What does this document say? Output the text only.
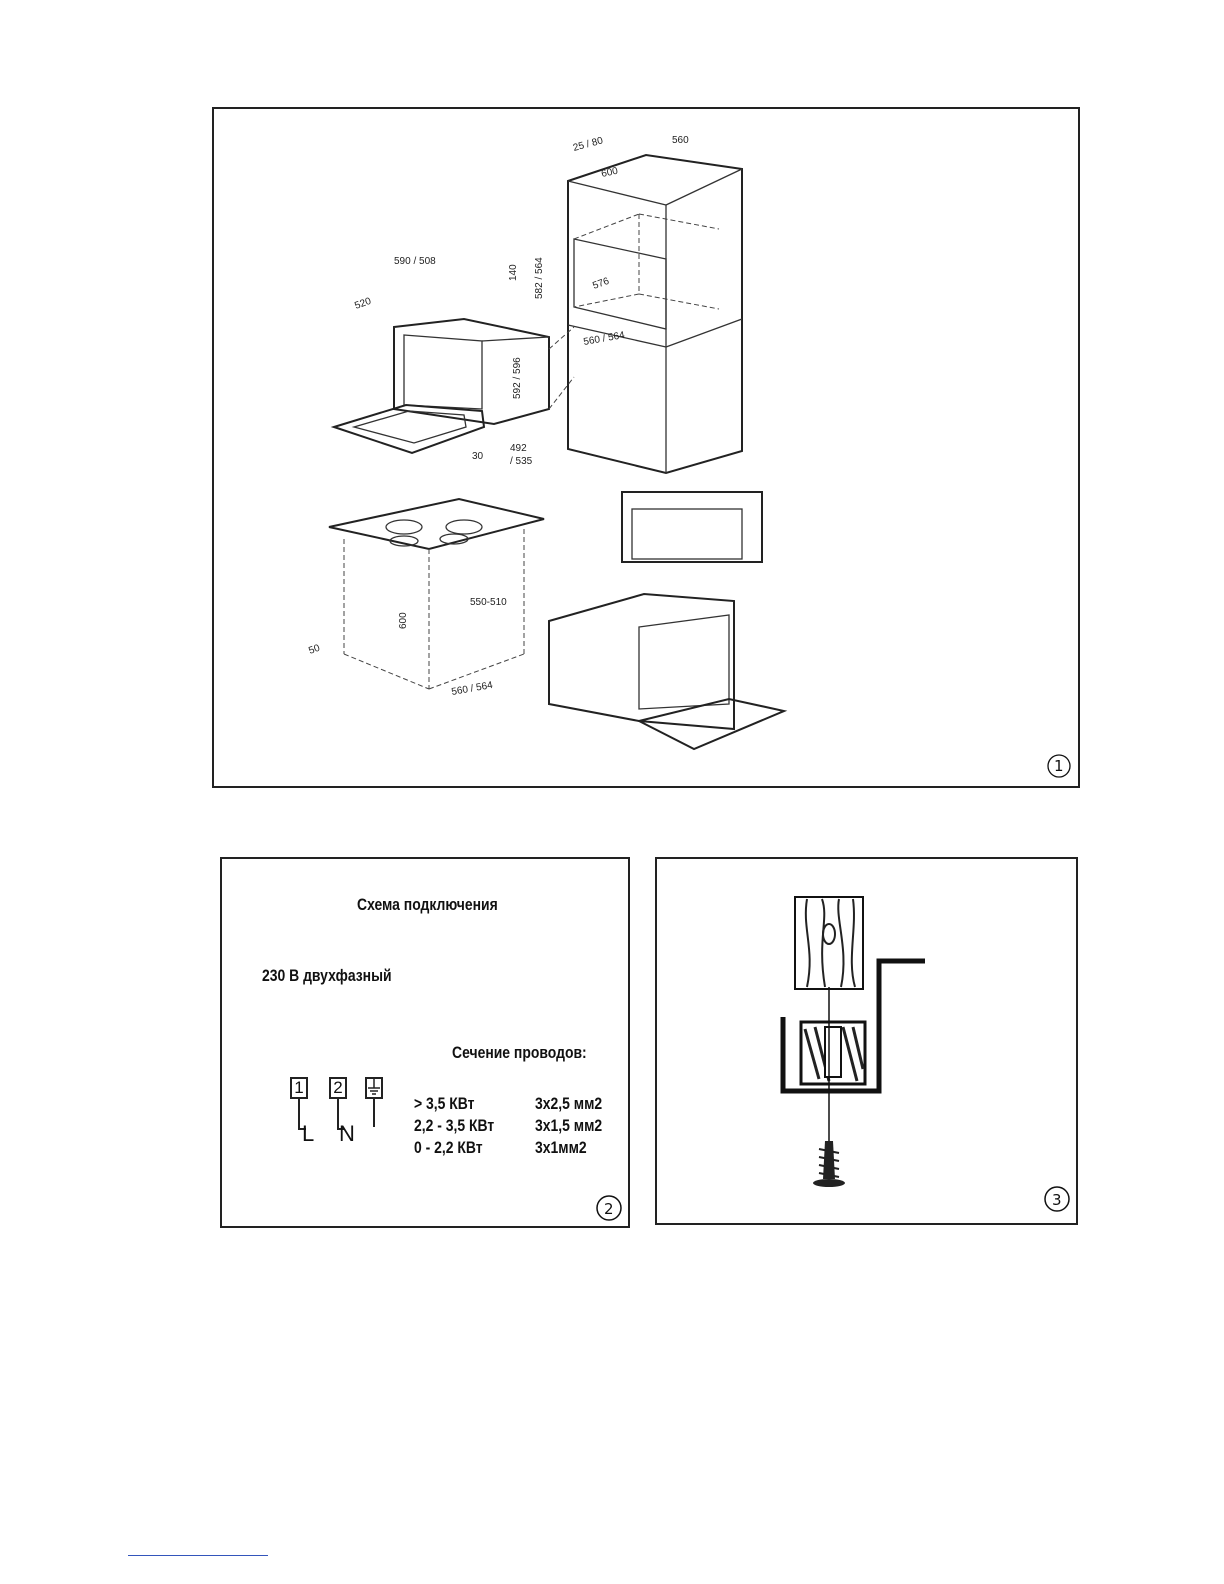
25 / 80	560
600
590 / 508
140 582 / 564	576
520
560 / 564
592 / 596
30
492
/ 535
550-510
600
50
560 / 564
1
Схема подключения
230 В двухфазный
Сечение проводов:
1 2
2
L N
> 3,5 КВт	3x2,5 мм2
2,2 - 3,5 КВт 3x1,5 мм2
0 - 2,2 КВт	3x1мм2
3
